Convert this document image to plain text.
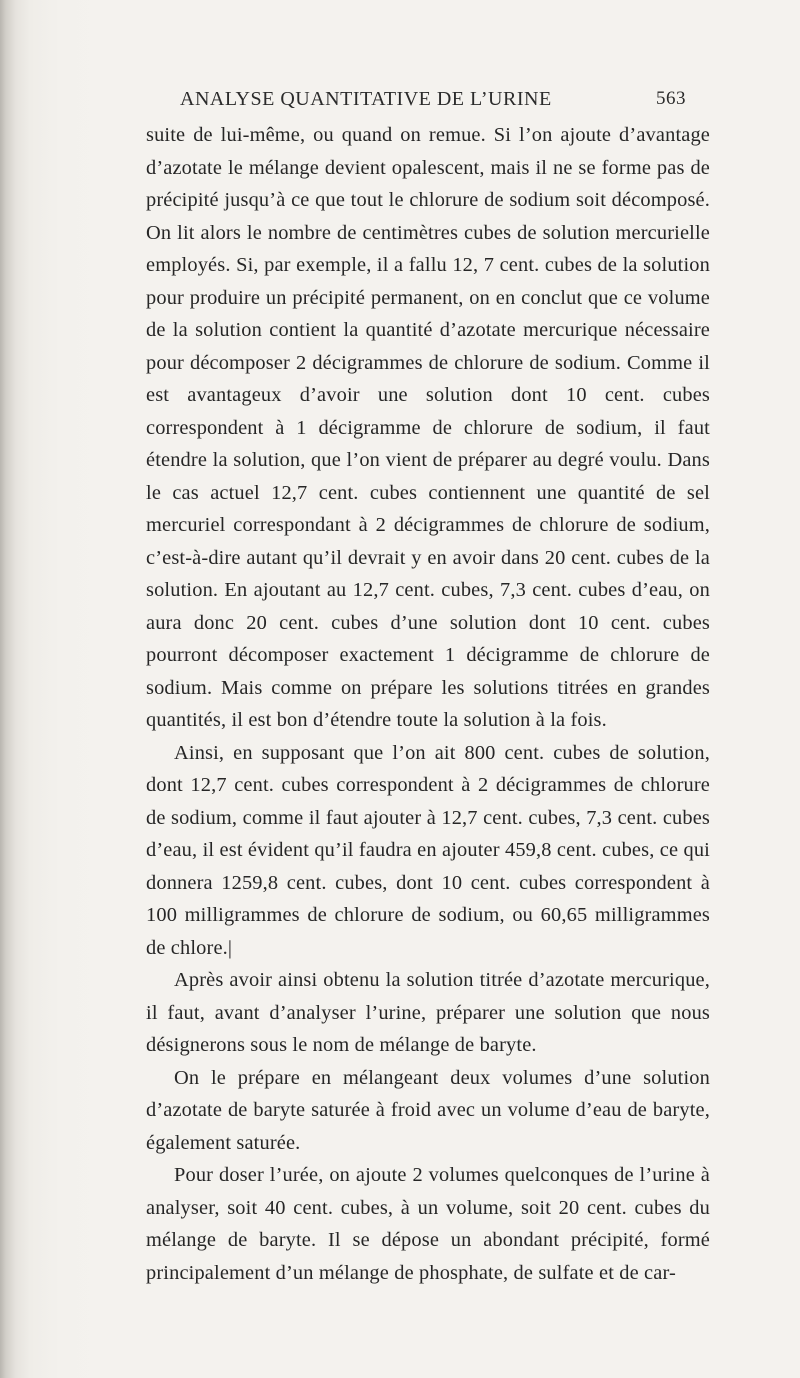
ANALYSE QUANTITATIVE DE L’URINE	563

suite de lui-même, ou quand on remue. Si l’on ajoute d’avantage d’azotate le mélange devient opalescent, mais il ne se forme pas de précipité jusqu’à ce que tout le chlorure de sodium soit décomposé. On lit alors le nombre de centimètres cubes de solution mercurielle employés. Si, par exemple, il a fallu 12, 7 cent. cubes de la solution pour produire un précipité permanent, on en conclut que ce volume de la solution contient la quantité d’azotate mercurique nécessaire pour décomposer 2 décigrammes de chlorure de sodium. Comme il est avantageux d’avoir une solution dont 10 cent. cubes correspondent à 1 décigramme de chlorure de sodium, il faut étendre la solution, que l’on vient de préparer au degré voulu. Dans le cas actuel 12,7 cent. cubes contiennent une quantité de sel mercuriel correspondant à 2 décigrammes de chlorure de sodium, c’est-à-dire autant qu’il devrait y en avoir dans 20 cent. cubes de la solution. En ajoutant au 12,7 cent. cubes, 7,3 cent. cubes d’eau, on aura donc 20 cent. cubes d’une solution dont 10 cent. cubes pourront décomposer exactement 1 décigramme de chlorure de sodium. Mais comme on prépare les solutions titrées en grandes quantités, il est bon d’étendre toute la solution à la fois.

Ainsi, en supposant que l’on ait 800 cent. cubes de solution, dont 12,7 cent. cubes correspondent à 2 décigrammes de chlorure de sodium, comme il faut ajouter à 12,7 cent. cubes, 7,3 cent. cubes d’eau, il est évident qu’il faudra en ajouter 459,8 cent. cubes, ce qui donnera 1259,8 cent. cubes, dont 10 cent. cubes correspondent à 100 milligrammes de chlorure de sodium, ou 60,65 milligrammes de chlore.|

Après avoir ainsi obtenu la solution titrée d’azotate mercurique, il faut, avant d’analyser l’urine, préparer une solution que nous désignerons sous le nom de mélange de baryte.

On le prépare en mélangeant deux volumes d’une solution d’azotate de baryte saturée à froid avec un volume d’eau de baryte, également saturée.

Pour doser l’urée, on ajoute 2 volumes quelconques de l’urine à analyser, soit 40 cent. cubes, à un volume, soit 20 cent. cubes du mélange de baryte. Il se dépose un abondant précipité, formé principalement d’un mélange de phosphate, de sulfate et de car-
